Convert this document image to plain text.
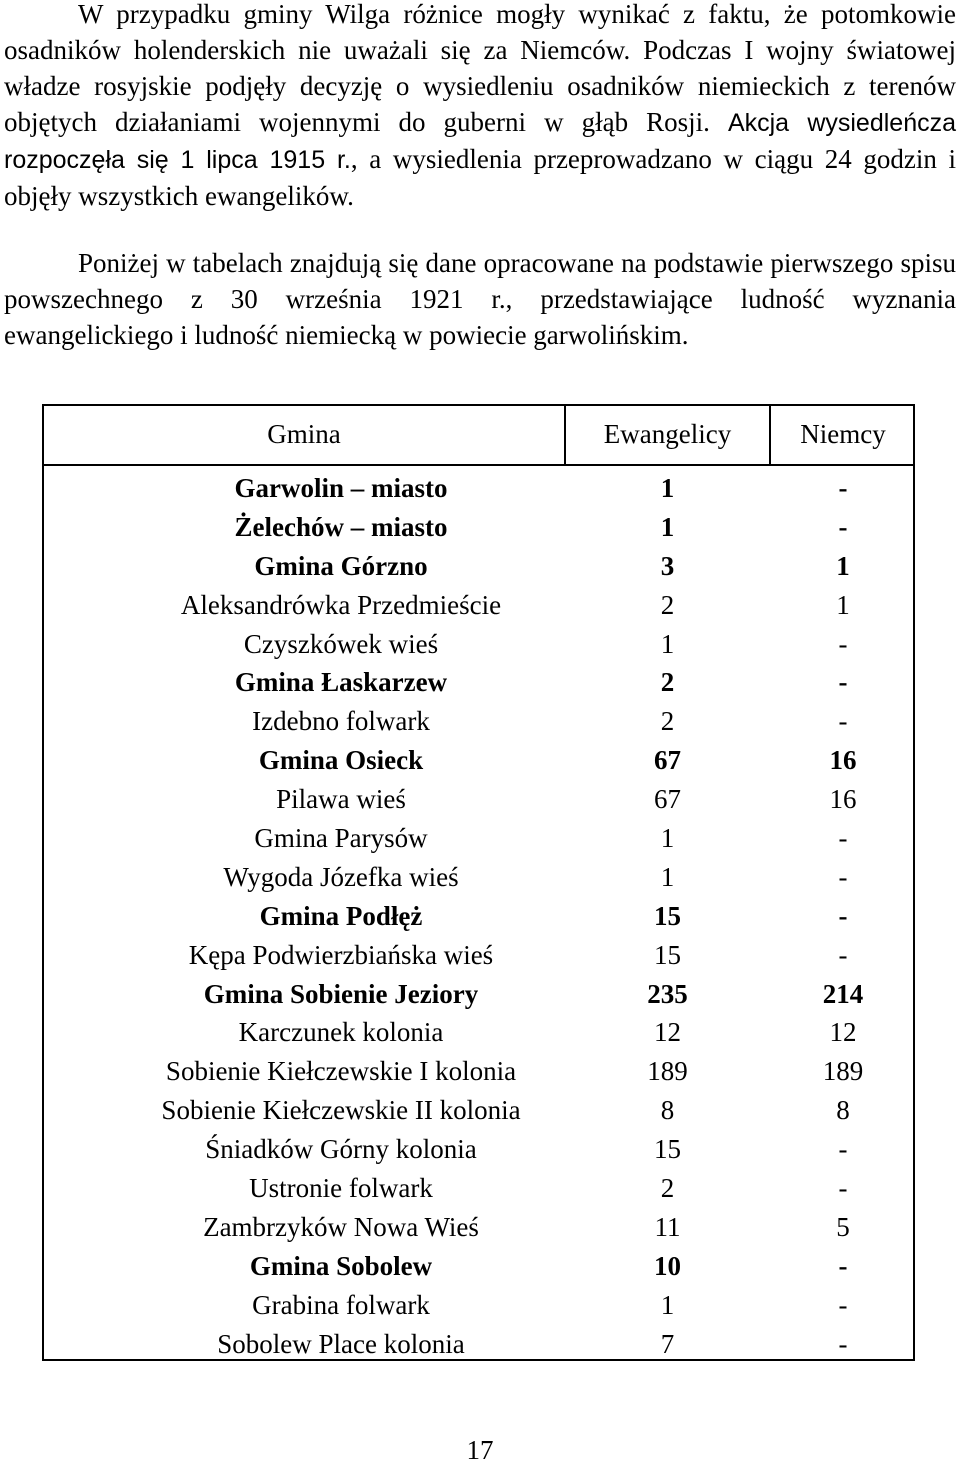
W przypadku gminy Wilga różnice mogły wynikać z faktu, że potomkowie osadników holenderskich nie uważali się za Niemców. Podczas I wojny światowej władze rosyjskie podjęły decyzję o wysiedleniu osadników niemieckich z terenów objętych działaniami wojennymi do guberni w głąb Rosji. Akcja wysiedleńcza rozpoczęła się 1 lipca 1915 r., a wysiedlenia przeprowadzano w ciągu 24 godzin i objęły wszystkich ewangelików.

Poniżej w tabelach znajdują się dane opracowane na podstawie pierwszego spisu powszechnego z 30 września 1921 r., przedstawiające ludność wyznania ewangelickiego i ludność niemiecką w powiecie garwolińskim.

Gmina	Ewangelicy	Niemcy
Garwolin – miasto	1	-
Żelechów – miasto	1	-
Gmina Górzno	3	1
Aleksandrówka Przedmieście	2	1
Czyszkówek wieś	1	-
Gmina Łaskarzew	2	-
Izdebno folwark	2	-
Gmina Osieck	67	16
Pilawa wieś	67	16
Gmina Parysów	1	-
Wygoda Józefka wieś	1	-
Gmina Podłęż	15	-
Kępa Podwierzbiańska wieś	15	-
Gmina Sobienie Jeziory	235	214
Karczunek kolonia	12	12
Sobienie Kiełczewskie I kolonia	189	189
Sobienie Kiełczewskie II kolonia	8	8
Śniadków Górny kolonia	15	-
Ustronie folwark	2	-
Zambrzyków Nowa Wieś	11	5
Gmina Sobolew	10	-
Grabina folwark	1	-
Sobolew Place kolonia	7	-
17
